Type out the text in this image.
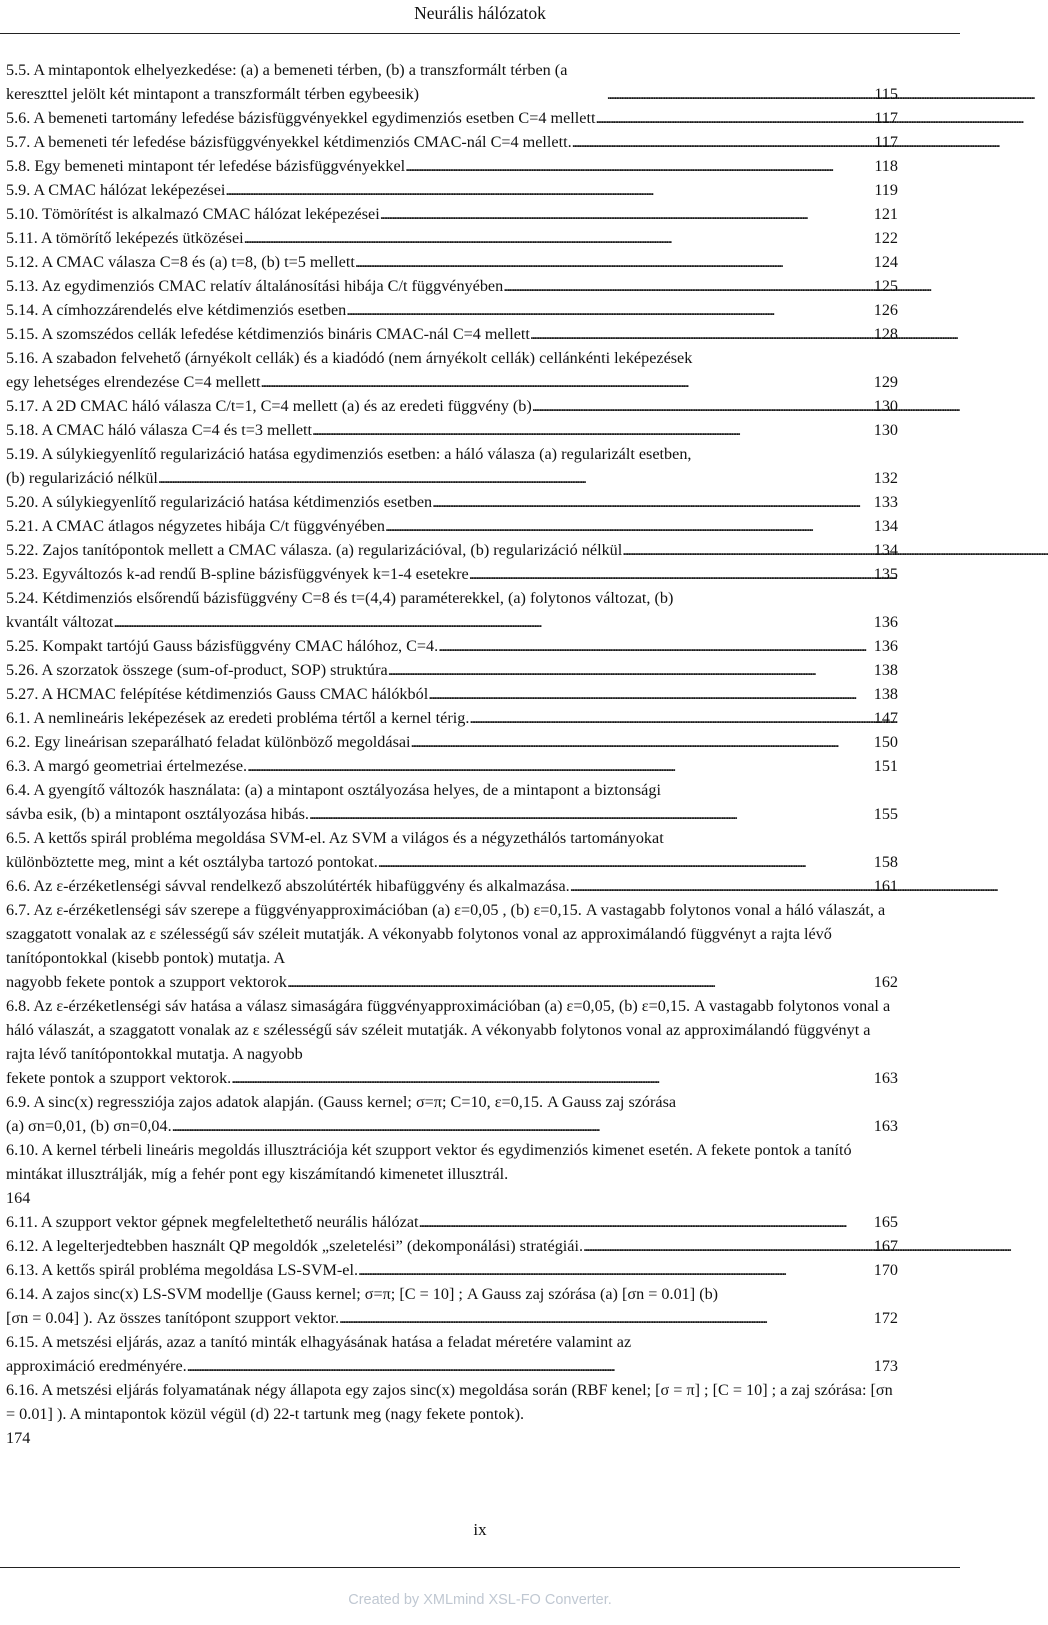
Neurális hálózatok
5.5. A mintapontok elhelyezkedése: (a) a bemeneti térben, (b) a transzformált térben (a kereszttel jelölt két mintapont a transzformált térben egybeesik) . . .	115
5.6. A bemeneti tartomány lefedése bázisfüggvényekkel egydimenziós esetben C=4 mellett . . .	117
5.7. A bemeneti tér lefedése bázisfüggvényekkel kétdimenziós CMAC-nál C=4 mellett. . . .	117
5.8. Egy bemeneti mintapont tér lefedése bázisfüggvényekkel . . .	118
5.9. A CMAC hálózat leképezései . . .	119
5.10. Tömörítést is alkalmazó CMAC hálózat leképezései . . .	121
5.11. A tömörítő leképezés ütközései . . .	122
5.12. A CMAC válasza C=8 és (a) t=8, (b) t=5 mellett . . .	124
5.13. Az egydimenziós CMAC relatív általánosítási hibája C/t függvényében . . .	125
5.14. A címhozzárendelés elve kétdimenziós esetben . . .	126
5.15. A szomszédos cellák lefedése kétdimenziós bináris CMAC-nál C=4 mellett . . .	128
5.16. A szabadon felvehető (árnyékolt cellák) és a kiadódó (nem árnyékolt cellák) cellánkénti leképezések
egy lehetséges elrendezése C=4 mellett . . .	129
5.17. A 2D CMAC háló válasza C/t=1, C=4 mellett (a) és az eredeti függvény (b) . . .	130
5.18. A CMAC háló válasza C=4 és t=3 mellett . . .	130
5.19. A súlykiegyenlítő regularizáció hatása egydimenziós esetben: a háló válasza (a) regularizált esetben,
(b) regularizáció nélkül . . .	132
5.20. A súlykiegyenlítő regularizáció hatása kétdimenziós esetben . . .	133
5.21. A CMAC átlagos négyzetes hibája C/t függvényében . . .	134
5.22. Zajos tanítópontok mellett a CMAC válasza. (a) regularizációval, (b) regularizáció nélkül . . .	134
5.23. Egyváltozós k-ad rendű B-spline bázisfüggvények k=1-4 esetekre . . .	135
5.24. Kétdimenziós elsőrendű bázisfüggvény C=8 és t=(4,4) paraméterekkel, (a) folytonos változat, (b)
kvantált változat . . .	136
5.25. Kompakt tartójú Gauss bázisfüggvény CMAC hálóhoz, C=4. . . .	136
5.26. A szorzatok összege (sum-of-product, SOP) struktúra . . .	138
5.27. A HCMAC felépítése kétdimenziós Gauss CMAC hálókból . . .	138
6.1. A nemlineáris leképezések az eredeti probléma tértől a kernel térig. . . .	147
6.2. Egy lineárisan szeparálható feladat különböző megoldásai . . .	150
6.3. A margó geometriai értelmezése. . . .	151
6.4. A gyengítő változók használata: (a) a mintapont osztályozása helyes, de a mintapont a biztonsági
sávba esik, (b) a mintapont osztályozása hibás. . . .	155
6.5. A kettős spirál probléma megoldása SVM-el. Az SVM a világos és a négyzethálós tartományokat
különböztette meg, mint a két osztályba tartozó pontokat. . . .	158
6.6. Az ε-érzéketlenségi sávval rendelkező abszolútérték hibafüggvény és alkalmazása. . . .	161
6.7. Az ε-érzéketlenségi sáv szerepe a függvényapproximációban (a) ε=0,05 , (b) ε=0,15. A vastagabb folytonos vonal a háló válaszát, a szaggatott vonalak az ε szélességű sáv széleit mutatják. A vékonyabb folytonos vonal az approximálandó függvényt a rajta lévő tanítópontokkal (kisebb pontok) mutatja. A
nagyobb fekete pontok a szupport vektorok . . .	162
6.8. Az ε-érzéketlenségi sáv hatása a válasz simaságára függvényapproximációban (a) ε=0,05, (b) ε=0,15. A vastagabb folytonos vonal a háló válaszát, a szaggatott vonalak az ε szélességű sáv széleit mutatják. A vékonyabb folytonos vonal az approximálandó függvényt a rajta lévő tanítópontokkal mutatja. A nagyobb
fekete pontok a szupport vektorok. . . .	163
6.9. A sinc(x) regressziója zajos adatok alapján. (Gauss kernel; σ=π; C=10, ε=0,15. A Gauss zaj szórása
(a) σn=0,01, (b) σn=0,04. . . .	163
6.10. A kernel térbeli lineáris megoldás illusztrációja két szupport vektor és egydimenziós kimenet esetén. A fekete pontok a tanító mintákat illusztrálják, míg a fehér pont egy kiszámítandó kimenetet illusztrál.
164
6.11. A szupport vektor gépnek megfeleltethető neurális hálózat . . .	165
6.12. A legelterjedtebben használt QP megoldók „szeletelési” (dekomponálási) stratégiái. . . .	167
6.13. A kettős spirál probléma megoldása LS-SVM-el. . . .	170
6.14. A zajos sinc(x) LS-SVM modellje (Gauss kernel; σ=π; [C = 10] ; A Gauss zaj szórása (a) [σn = 0.01] (b)
[σn = 0.04] ). Az összes tanítópont szupport vektor. . . .	172
6.15. A metszési eljárás, azaz a tanító minták elhagyásának hatása a feladat méretére valamint az
approximáció eredményére. . . .	173
6.16. A metszési eljárás folyamatának négy állapota egy zajos sinc(x) megoldása során (RBF kenel; [σ = π] ; [C = 10] ; a zaj szórása: [σn = 0.01] ). A mintapontok közül végül (d) 22-t tartunk meg (nagy fekete pontok).
174
ix
Created by XMLmind XSL-FO Converter.
